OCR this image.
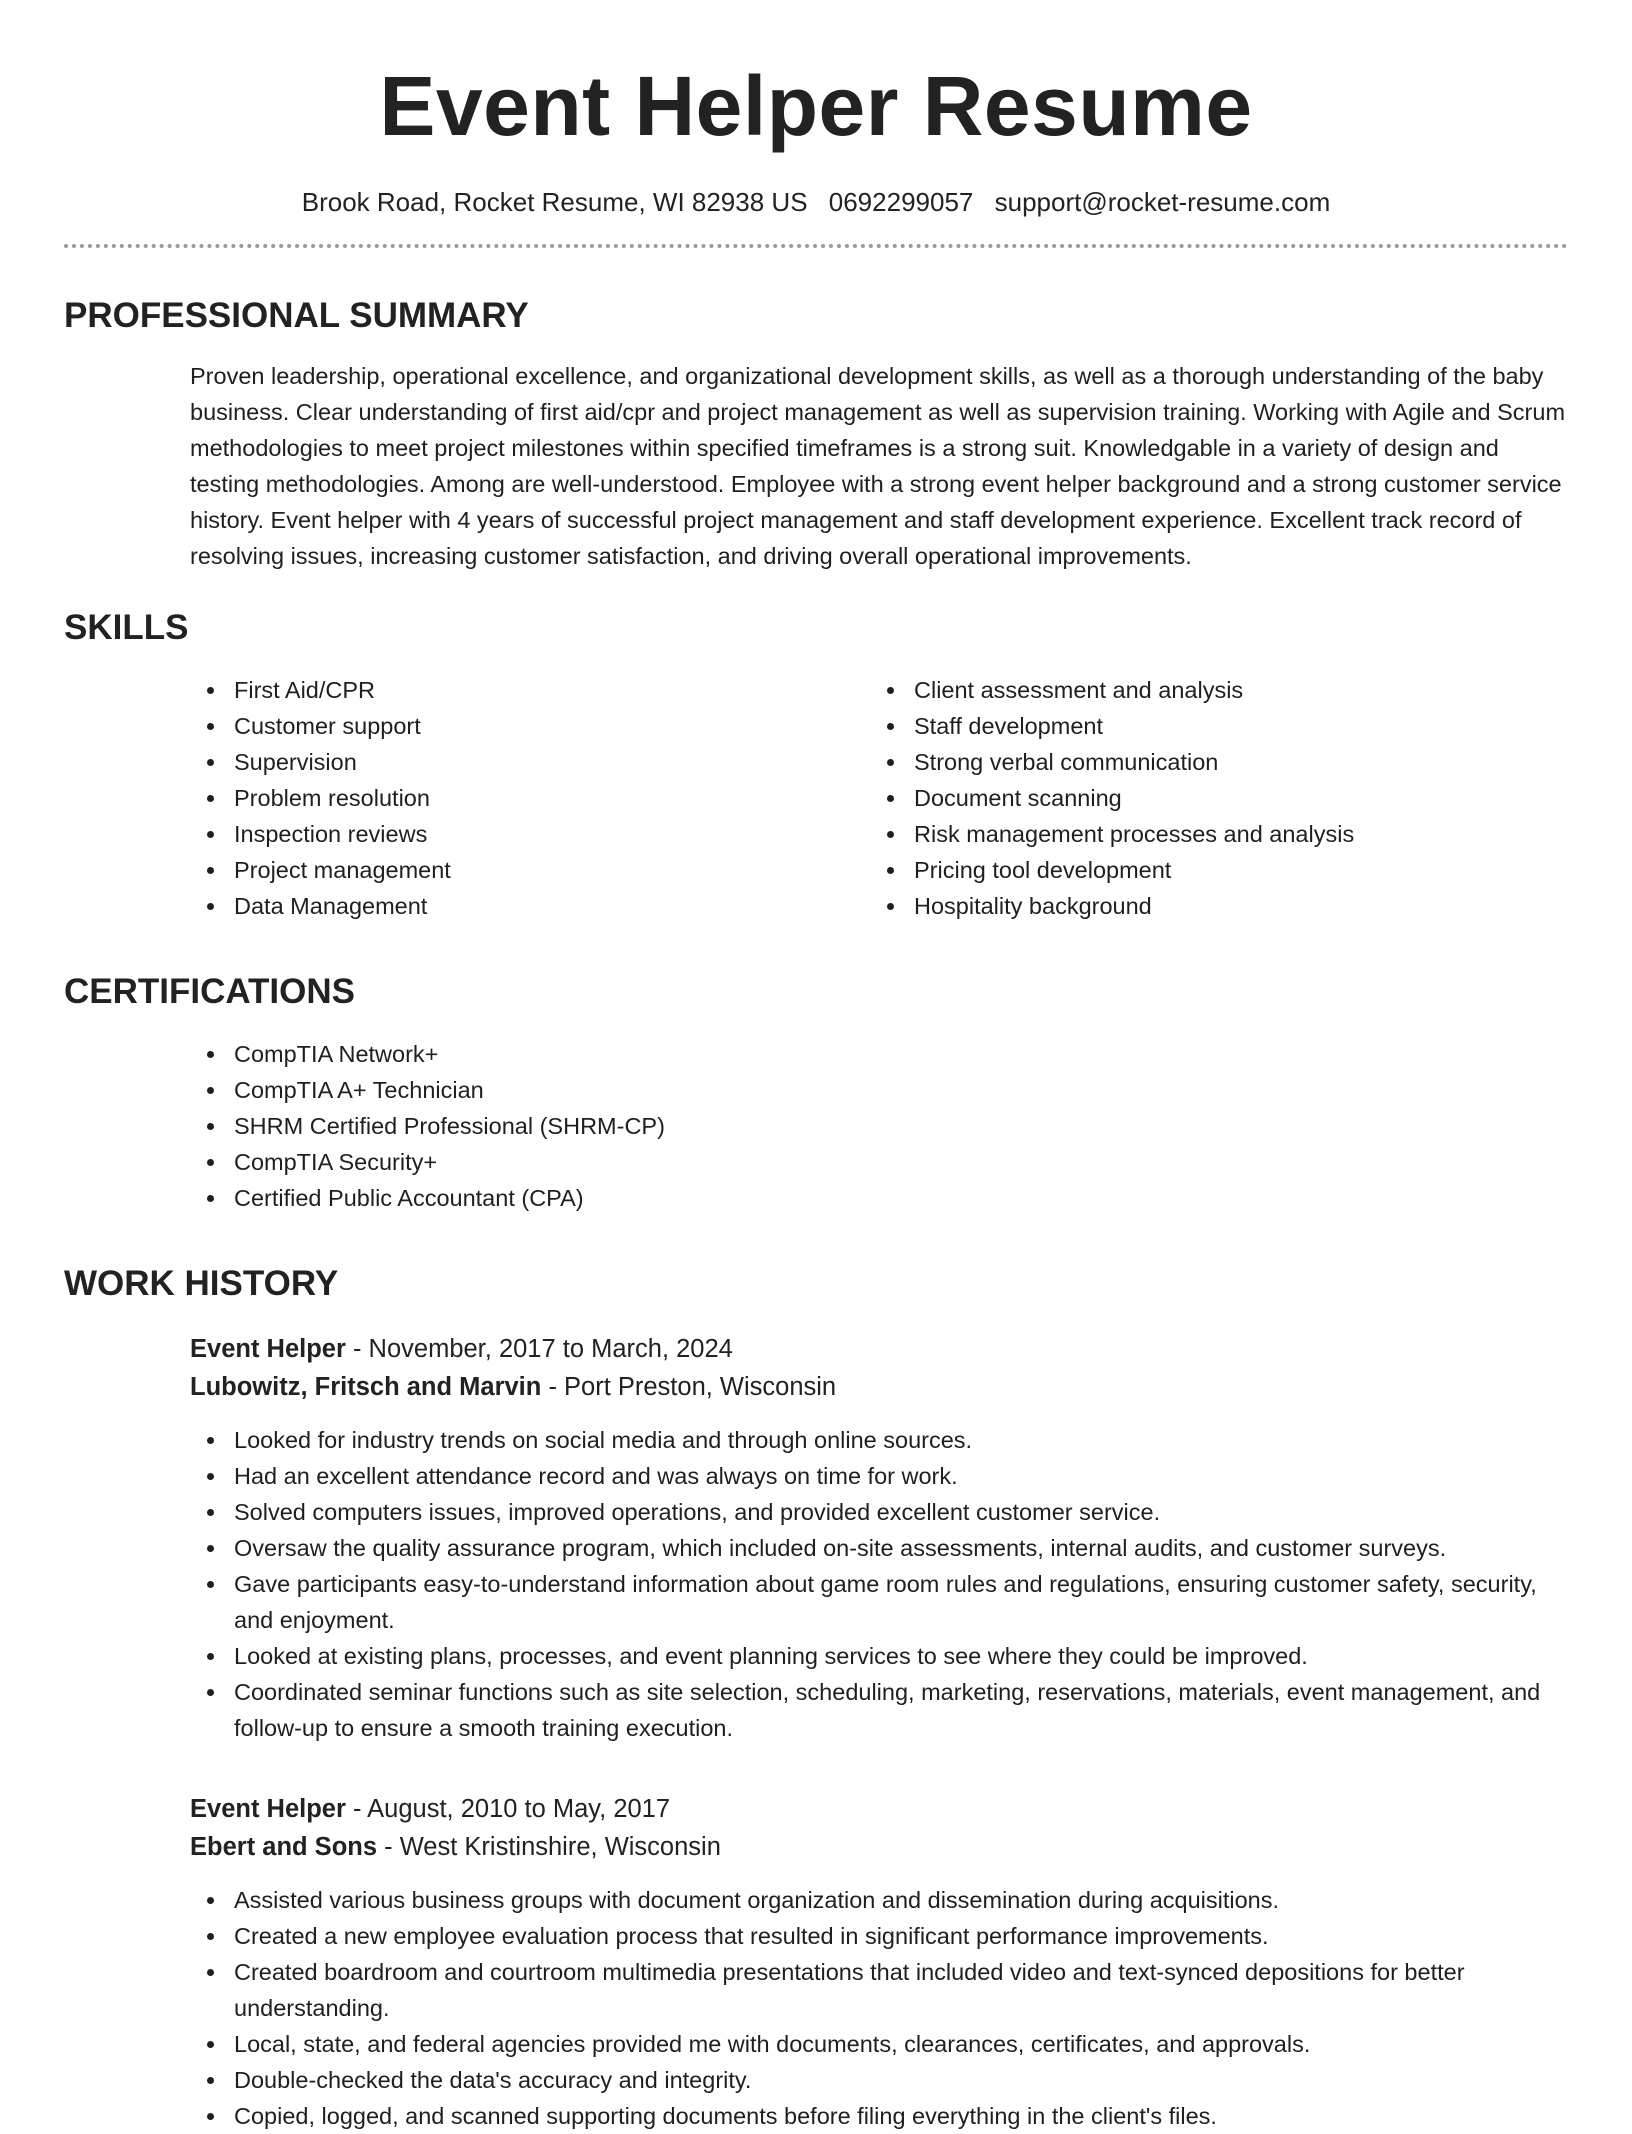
Event Helper Resume
Brook Road, Rocket Resume, WI 82938 US 0692299057 support@rocket-resume.com
PROFESSIONAL SUMMARY

Proven leadership, operational excellence, and organizational development skills, as well as a thorough understanding of the baby business. Clear understanding of first aid/cpr and project management as well as supervision training. Working with Agile and Scrum methodologies to meet project milestones within specified timeframes is a strong suit. Knowledgable in a variety of design and testing methodologies. Among are well-understood. Employee with a strong event helper background and a strong customer service history. Event helper with 4 years of successful project management and staff development experience. Excellent track record of resolving issues, increasing customer satisfaction, and driving overall operational improvements.

SKILLS
First Aid/CPR
Customer support
Supervision
Problem resolution
Inspection reviews
Project management
Data Management
Client assessment and analysis
Staff development
Strong verbal communication
Document scanning
Risk management processes and analysis
Pricing tool development
Hospitality background
CERTIFICATIONS
CompTIA Network+
CompTIA A+ Technician
SHRM Certified Professional (SHRM-CP)
CompTIA Security+
Certified Public Accountant (CPA)
WORK HISTORY
Event Helper - November, 2017 to March, 2024
Lubowitz, Fritsch and Marvin - Port Preston, Wisconsin
Looked for industry trends on social media and through online sources.
Had an excellent attendance record and was always on time for work.
Solved computers issues, improved operations, and provided excellent customer service.
Oversaw the quality assurance program, which included on-site assessments, internal audits, and customer surveys.
Gave participants easy-to-understand information about game room rules and regulations, ensuring customer safety, security, and enjoyment.
Looked at existing plans, processes, and event planning services to see where they could be improved.
Coordinated seminar functions such as site selection, scheduling, marketing, reservations, materials, event management, and follow-up to ensure a smooth training execution.
Event Helper - August, 2010 to May, 2017
Ebert and Sons - West Kristinshire, Wisconsin
Assisted various business groups with document organization and dissemination during acquisitions.
Created a new employee evaluation process that resulted in significant performance improvements.
Created boardroom and courtroom multimedia presentations that included video and text-synced depositions for better understanding.
Local, state, and federal agencies provided me with documents, clearances, certificates, and approvals.
Double-checked the data's accuracy and integrity.
Copied, logged, and scanned supporting documents before filing everything in the client's files.
